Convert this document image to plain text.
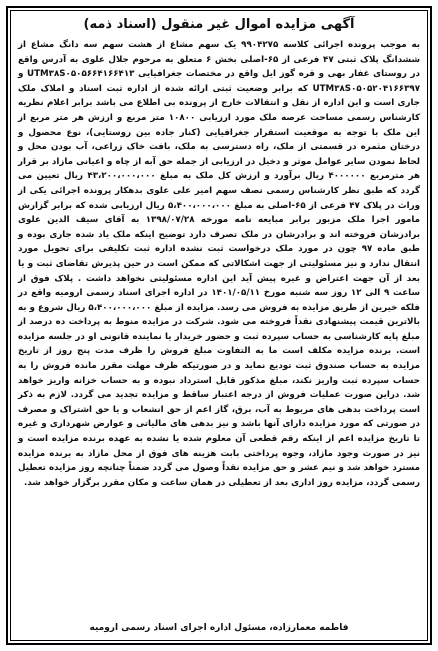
آگهی مزایده اموال غیر منقول (اسناد ذمه)

به موجب پرونده اجرائی کلاسه ۹۹۰۴۲۷۵ یک سهم مشاع از هشت سهم سه دانگ مشاع از ششدانگ پلاک ثبتی ۴۷ فرعی از ۶۵-اصلی بخش ۶ متعلق به مرحوم جلال علوی به آدرس واقع در روستای غفار بهی و قره گوز ایل واقع در مختصات جغرافیایی UTM۳۸S۰۵۰۵۶۶۴۱۶۶۴۱۳ و UTM۳۸S۰۵۰۵۲۰۴۱۶۶۳۹۷ که برابر وضعیت ثبتی ارائه شده از اداره ثبت اسناد و املاک ملک جاری است و این اداره از نقل و انتقالات خارج از پرونده بی اطلاع می باشد برابر اعلام نظریه کارشناس رسمی مساحت عرصه ملک مورد ارزیابی ۱۰۸۰۰ متر مربع و ارزش هر متر مربع از این ملک با توجه به موقعیت استقرار جغرافیایی (کنار جاده بین روستایی)، نوع محصول و درختان مثمره در قسمتی از ملک، راه دسترسی به ملک، بافت خاک زراعی، آب بودن محل و لحاظ نمودن سایر عوامل موثر و دخیل در ارزیابی از جمله حق آبه از چاه و اعیانی مازاد بر قرار هر مترمربع ۴۰۰۰۰۰۰ ریال برآورد و ارزش کل ملک به مبلغ ۴۳،۲۰۰،۰۰۰،۰۰۰ ریال تعیین می گردد که طبق نظر کارشناس رسمی نصف سهم امیر علی علوی بدهکار پرونده اجرائی یکی از وراث در پلاک ۴۷ فرعی از ۶۵-اصلی به مبلغ ۵،۴۰۰،۰۰۰،۰۰۰ ریال ارزیابی شده که برابر گزارش مامور اجرا ملک مزبور برابر مبایعه نامه مورخه ۱۳۹۸/۰۷/۲۸ به آقای سیف الدین علوی برادرشان فروخته اند و برادرشان در ملک تصرف دارد توضیح اینکه ملک یاد شده جاری بوده و طبق ماده ۹۷ چون در مورد ملک درخواست ثبت نشده اداره ثبت تکلیفی برای تحویل مورد انتقال ندارد و نیز مسئولیتی از جهت اشکالاتی که ممکن است در حین پذیرش تقاضای ثبت و یا بعد از آن جهت اعتراض و غیره پیش آید این اداره مسئولیتی نخواهد داشت . پلاک فوق از ساعت ۹ الی ۱۲ روز سه شنبه مورخ ۱۴۰۱/۰۵/۱۱ در اداره اجرای اسناد رسمی ارومیه واقع در فلکه خیرین از طریق مزایده به فروش می رسد. مزایده از مبلغ ۵،۴۰۰،۰۰۰،۰۰۰ ریال شروع و به بالاترین قیمت پیشنهادی نقداً فروخته می شود. شرکت در مزایده منوط به پرداخت ده درصد از مبلغ پایه کارشناسی به حساب سپرده ثبت و حضور خریدار یا نماینده قانونی او در جلسه مزایده است. برنده مزایده مکلف است ما به التفاوت مبلغ فروش را ظرف مدت پنج روز از تاریخ مزایده به حساب صندوق ثبت تودیع نماید و در صورتیکه ظرف مهلت مقرر مانده فروش را به حساب سپرده ثبت واریز نکند، مبلغ مذکور قابل استرداد نبوده و به حساب خزانه واریز خواهد شد. دراین صورت عملیات فروش از درجه اعتبار ساقط و مزایده تجدید می گردد. لازم به ذکر است پرداخت بدهی های مربوط به آب، برق، گاز اعم از حق انشعاب و یا حق اشتراک و مصرف در صورتی که مورد مزایده دارای آنها باشد و نیز بدهی های مالیاتی و عوارض شهرداری و غیره تا تاریخ مزایده اعم از اینکه رقم قطعی آن معلوم شده یا نشده به عهده برنده مزایده است و نیز در صورت وجود مازاد، وجوه پرداختی بابت هزینه های فوق از محل مازاد به برنده مزایده مسترد خواهد شد و نیم عشر و حق مزایده نقداً وصول می گردد ضمناً چنانچه روز مزایده تعطیل رسمی گردد، مزایده روز اداری بعد از تعطیلی در همان ساعت و مکان مقرر برگزار خواهد شد.

فاطمه معمارزاده، مسئول اداره اجرای اسناد رسمی ارومیه
